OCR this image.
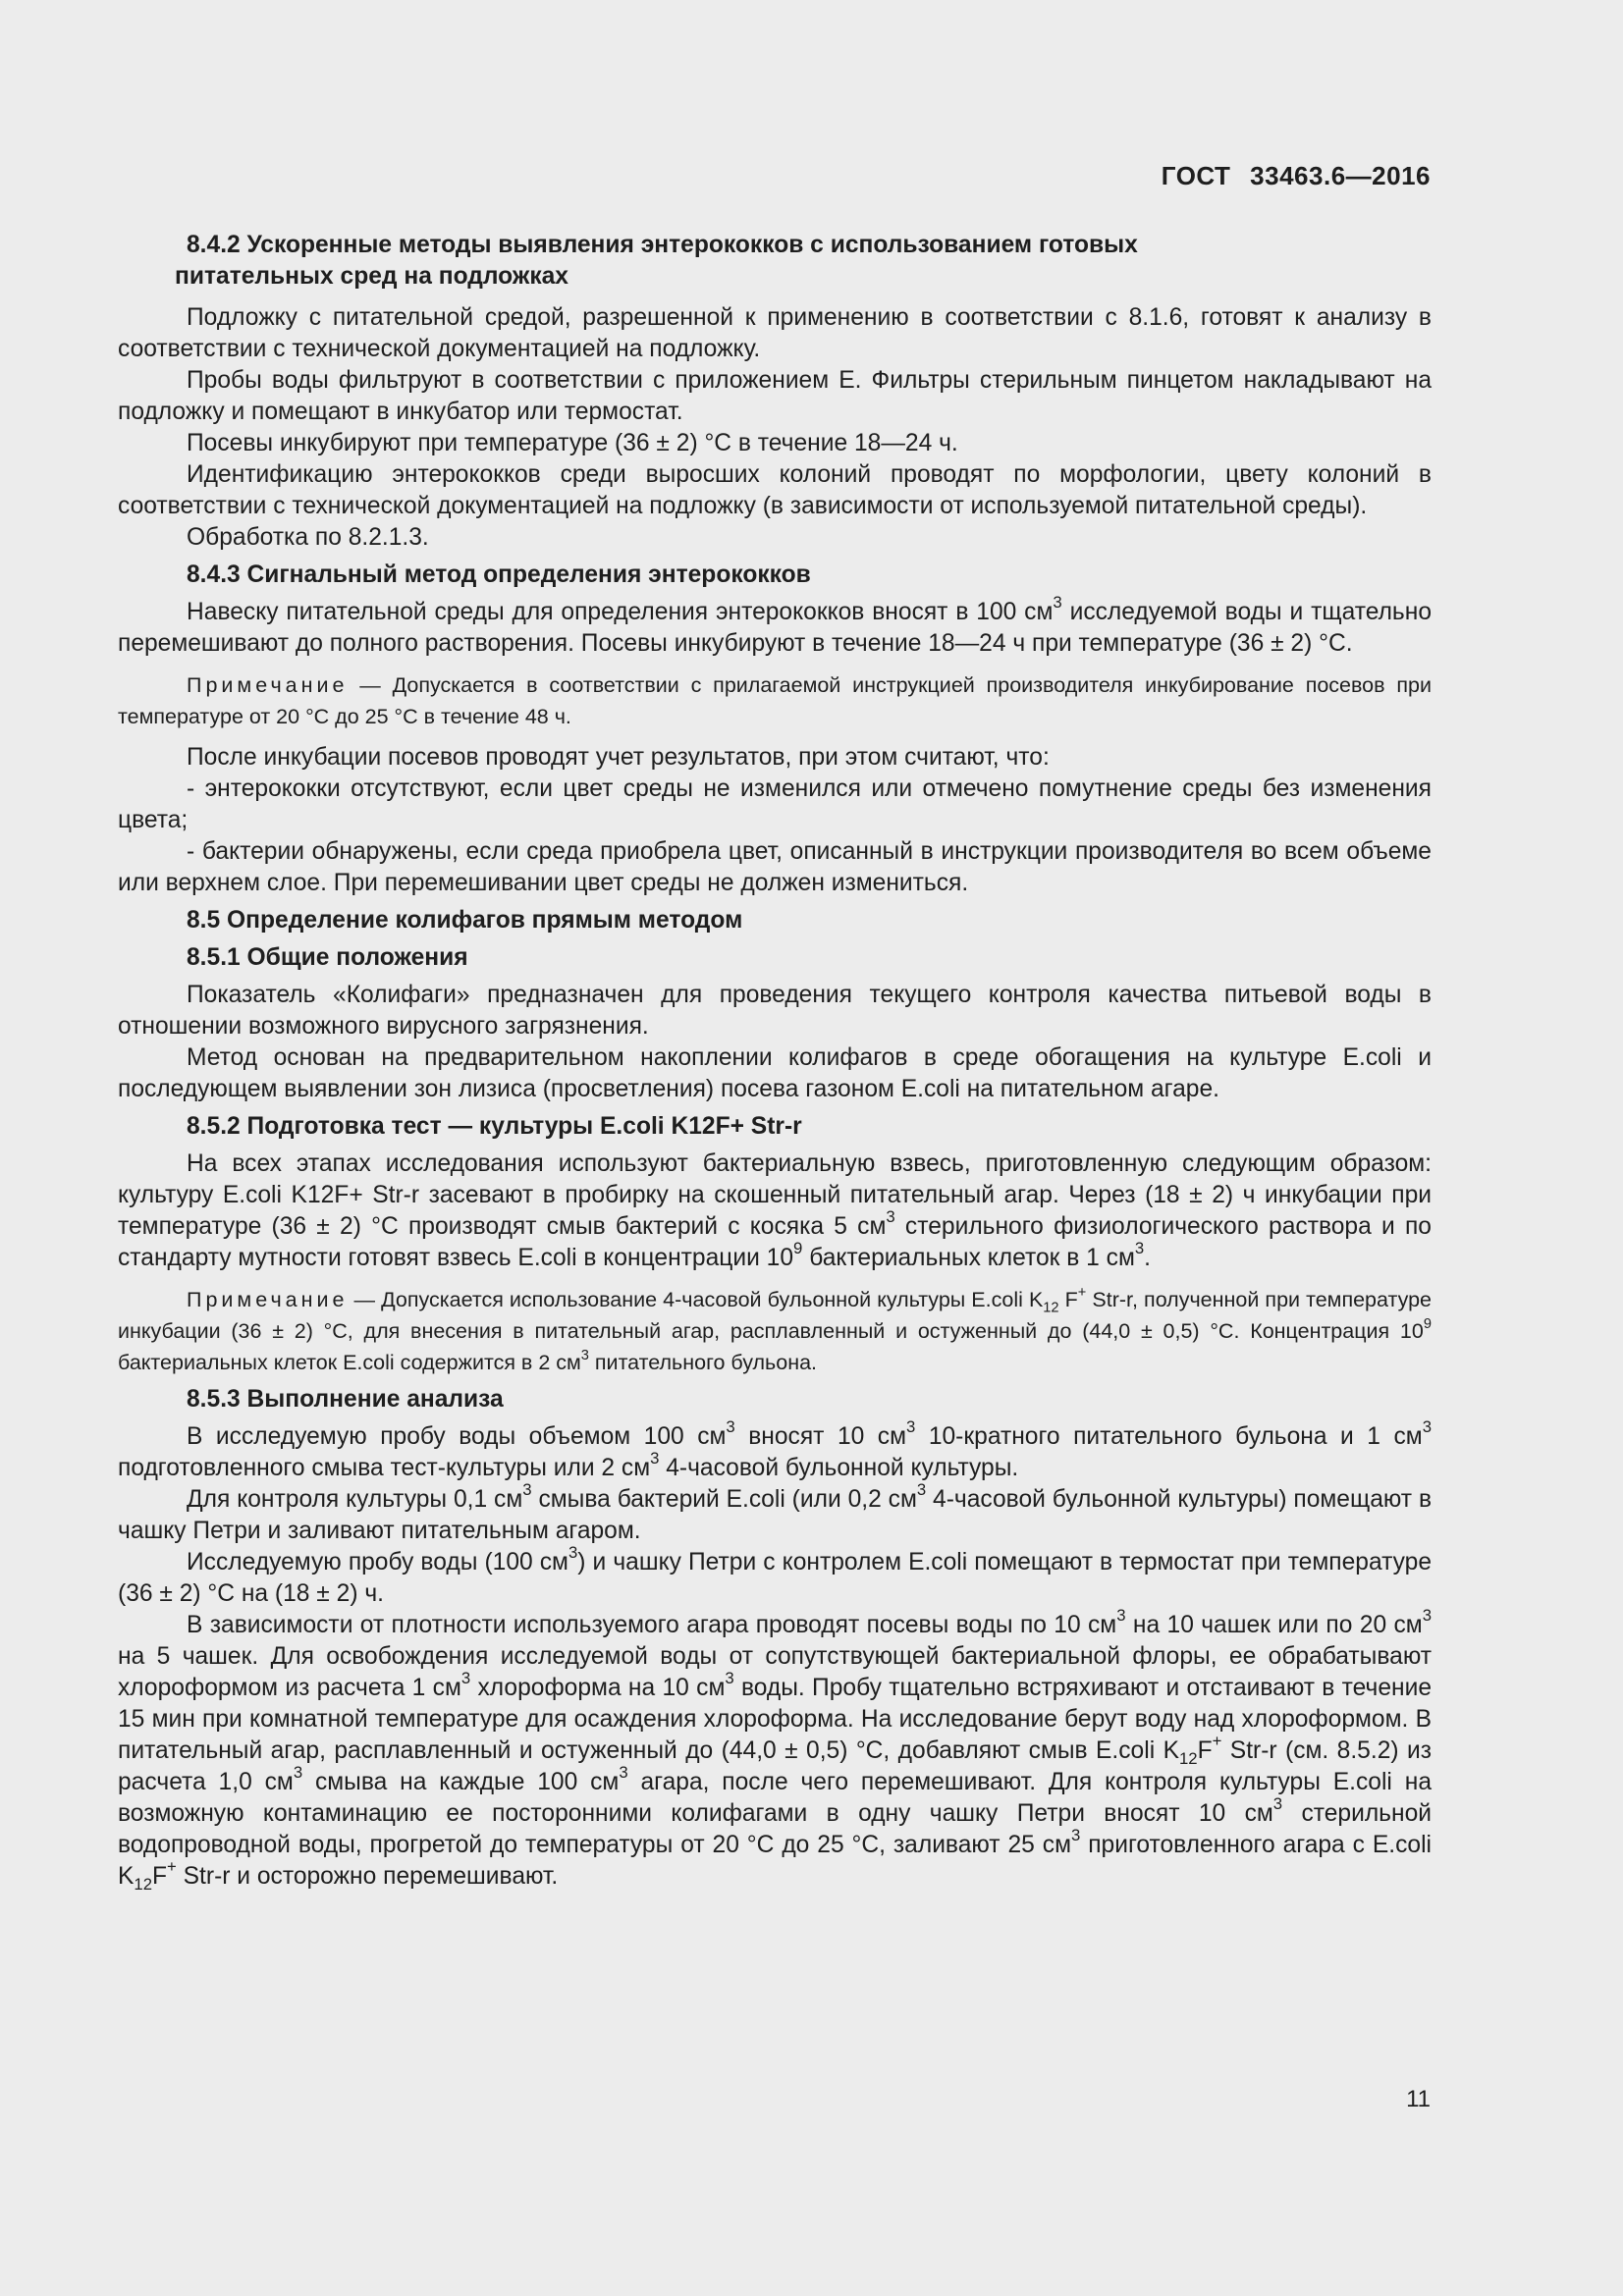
ГОСТ 33463.6—2016
8.4.2 Ускоренные методы выявления энтерококков с использованием готовых
питательных сред на подложках

Подложку с питательной средой, разрешенной к применению в соответствии с 8.1.6, готовят к анализу в соответствии с технической документацией на подложку.

Пробы воды фильтруют в соответствии с приложением Е. Фильтры стерильным пинцетом накладывают на подложку и помещают в инкубатор или термостат.

Посевы инкубируют при температуре (36 ± 2) °С в течение 18—24 ч.

Идентификацию энтерококков среди выросших колоний проводят по морфологии, цвету колоний в соответствии с технической документацией на подложку (в зависимости от используемой питательной среды).

Обработка по 8.2.1.3.

8.4.3 Сигнальный метод определения энтерококков

Навеску питательной среды для определения энтерококков вносят в 100 $см^3$ исследуемой воды и тщательно перемешивают до полного растворения. Посевы инкубируют в течение 18—24 ч при температуре (36 ± 2) °С.

Примечание — Допускается в соответствии с прилагаемой инструкцией производителя инкубирование посевов при температуре от 20 °С до 25 °С в течение 48 ч.

После инкубации посевов проводят учет результатов, при этом считают, что:

- энтерококки отсутствуют, если цвет среды не изменился или отмечено помутнение среды без изменения цвета;

- бактерии обнаружены, если среда приобрела цвет, описанный в инструкции производителя во всем объеме или верхнем слое. При перемешивании цвет среды не должен измениться.

8.5 Определение колифагов прямым методом
8.5.1 Общие положения

Показатель «Колифаги» предназначен для проведения текущего контроля качества питьевой воды в отношении возможного вирусного загрязнения.

Метод основан на предварительном накоплении колифагов в среде обогащения на культуре E.coli и последующем выявлении зон лизиса (просветления) посева газоном E.coli на питательном агаре.

8.5.2 Подготовка тест — культуры E.coli K12F+ Str-r

На всех этапах исследования используют бактериальную взвесь, приготовленную следующим образом: культуру E.coli K12F+ Str-r засевают в пробирку на скошенный питательный агар. Через (18 ± 2) ч инкубации при температуре (36 ± 2) °С производят смыв бактерий с косяка 5 $см^3$ стерильного физиологического раствора и по стандарту мутности готовят взвесь E.coli в концентрации $10^9$ бактериальных клеток в 1 $см^3$.

Примечание — Допускается использование 4-часовой бульонной культуры E.coli $K_{12}$ F+ Str-r, полученной при температуре инкубации (36 ± 2) °С, для внесения в питательный агар, расплавленный и остуженный до (44,0 ± 0,5) °С. Концентрация $10^9$ бактериальных клеток E.coli содержится в 2 $см^3$ питательного бульона.

8.5.3 Выполнение анализа

В исследуемую пробу воды объемом 100 $см^3$ вносят 10 $см^3$ 10-кратного питательного бульона и 1 $см^3$ подготовленного смыва тест-культуры или 2 $см^3$ 4-часовой бульонной культуры.

Для контроля культуры 0,1 $см^3$ смыва бактерий E.coli (или 0,2 $см^3$ 4-часовой бульонной культуры) помещают в чашку Петри и заливают питательным агаром.

Исследуемую пробу воды (100 $см^3$) и чашку Петри с контролем E.coli помещают в термостат при температуре (36 ± 2) °С на (18 ± 2) ч.

В зависимости от плотности используемого агара проводят посевы воды по 10 $см^3$ на 10 чашек или по 20 $см^3$ на 5 чашек. Для освобождения исследуемой воды от сопутствующей бактериальной флоры, ее обрабатывают хлороформом из расчета 1 $см^3$ хлороформа на 10 $см^3$ воды. Пробу тщательно встряхивают и отстаивают в течение 15 мин при комнатной температуре для осаждения хлороформа. На исследование берут воду над хлороформом. В питательный агар, расплавленный и остуженный до (44,0 ± 0,5) °С, добавляют смыв E.coli $K_{12}F^+$ Str-r (см. 8.5.2) из расчета 1,0 $см^3$ смыва на каждые 100 $см^3$ агара, после чего перемешивают. Для контроля культуры E.coli на возможную контаминацию ее посторонними колифагами в одну чашку Петри вносят 10 $см^3$ стерильной водопроводной воды, прогретой до температуры от 20 °С до 25 °С, заливают 25 $см^3$ приготовленного агара с E.coli $K_{12}F^+$ Str-r и осторожно перемешивают.

11
